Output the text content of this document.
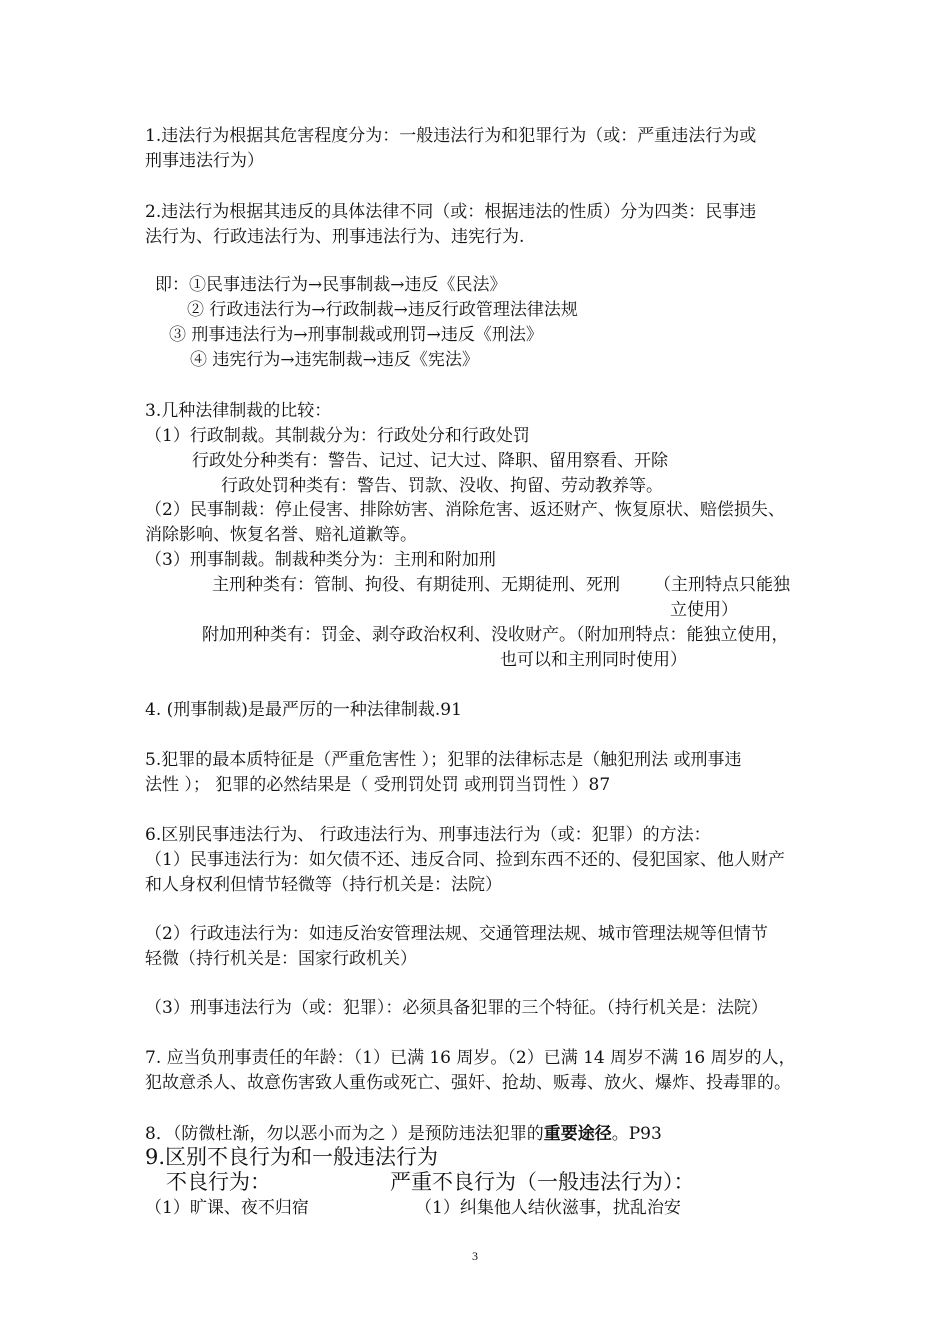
1.违法行为根据其危害程度分为：一般违法行为和犯罪行为（或：严重违法行为或
刑事违法行为）
2.违法行为根据其违反的具体法律不同（或：根据违法的性质）分为四类：民事违
法行为、行政违法行为、刑事违法行为、违宪行为.
即：①民事违法行为→民事制裁→违反《民法》
② 行政违法行为→行政制裁→违反行政管理法律法规
③ 刑事违法行为→刑事制裁或刑罚→违反《刑法》
④ 违宪行为→违宪制裁→违反《宪法》
3.几种法律制裁的比较：
（1）行政制裁。其制裁分为：行政处分和行政处罚
行政处分种类有：警告、记过、记大过、降职、留用察看、开除
行政处罚种类有：警告、罚款、没收、拘留、劳动教养等。
（2）民事制裁：停止侵害、排除妨害、消除危害、返还财产、恢复原状、赔偿损失、
消除影响、恢复名誉、赔礼道歉等。
（3）刑事制裁。制裁种类分为：主刑和附加刑
主刑种类有：管制、拘役、有期徒刑、无期徒刑、死刑 （主刑特点只能独
立使用）
附加刑种类有：罚金、剥夺政治权利、没收财产。（附加刑特点：能独立使用，
也可以和主刑同时使用）
4. (刑事制裁)是最严厉的一种法律制裁.91
5.犯罪的最本质特征是（严重危害性 ）；犯罪的法律标志是（触犯刑法 或刑事违
法性 ）； 犯罪的必然结果是（ 受刑罚处罚 或刑罚当罚性 ）87
6.区别民事违法行为、 行政违法行为、刑事违法行为（或：犯罪）的方法：
（1）民事违法行为：如欠债不还、违反合同、捡到东西不还的、侵犯国家、他人财产
和人身权利但情节轻微等（持行机关是：法院）
（2）行政违法行为：如违反治安管理法规、交通管理法规、城市管理法规等但情节
轻微（持行机关是：国家行政机关）
（3）刑事违法行为（或：犯罪）：必须具备犯罪的三个特征。（持行机关是：法院）
7. 应当负刑事责任的年龄：（1）已满 16 周岁。（2）已满 14 周岁不满 16 周岁的人，
犯故意杀人、故意伤害致人重伤或死亡、强奸、抢劫、贩毒、放火、爆炸、投毒罪的。
8．（防微杜渐，勿以恶小而为之 ）是预防违法犯罪的重要途径。P93
9.区别不良行为和一般违法行为
不良行为：	严重不良行为（一般违法行为）：
（1）旷课、夜不归宿	（1）纠集他人结伙滋事，扰乱治安
3
